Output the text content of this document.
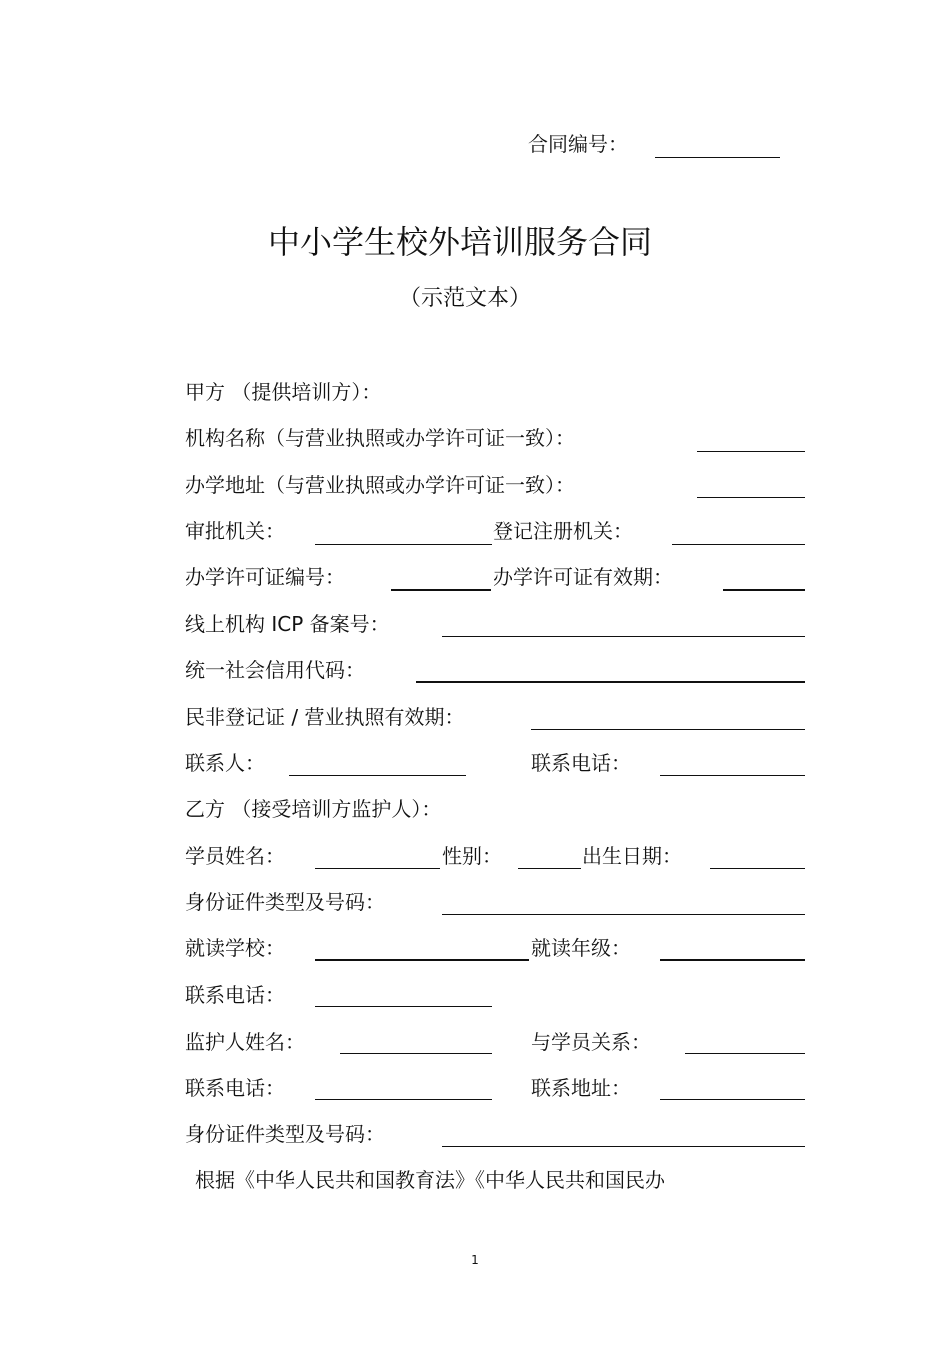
合同编号：
中小学生校外培训服务合同
（示范文本）
甲方 （提供培训方）：
机构名称（与营业执照或办学许可证一致）：
办学地址（与营业执照或办学许可证一致）：
审批机关：	登记注册机关：
办学许可证编号：	办学许可证有效期：
线上机构 ICP 备案号：
统一社会信用代码：
民非登记证 / 营业执照有效期：
联系人：	联系电话：
乙方 （接受培训方监护人）：
学员姓名：	性别：	出生日期：
身份证件类型及号码：
就读学校：	就读年级：
联系电话：
监护人姓名：	与学员关系：
联系电话：	联系地址：
身份证件类型及号码：
根据《中华人民共和国教育法》《中华人民共和国民办
1
